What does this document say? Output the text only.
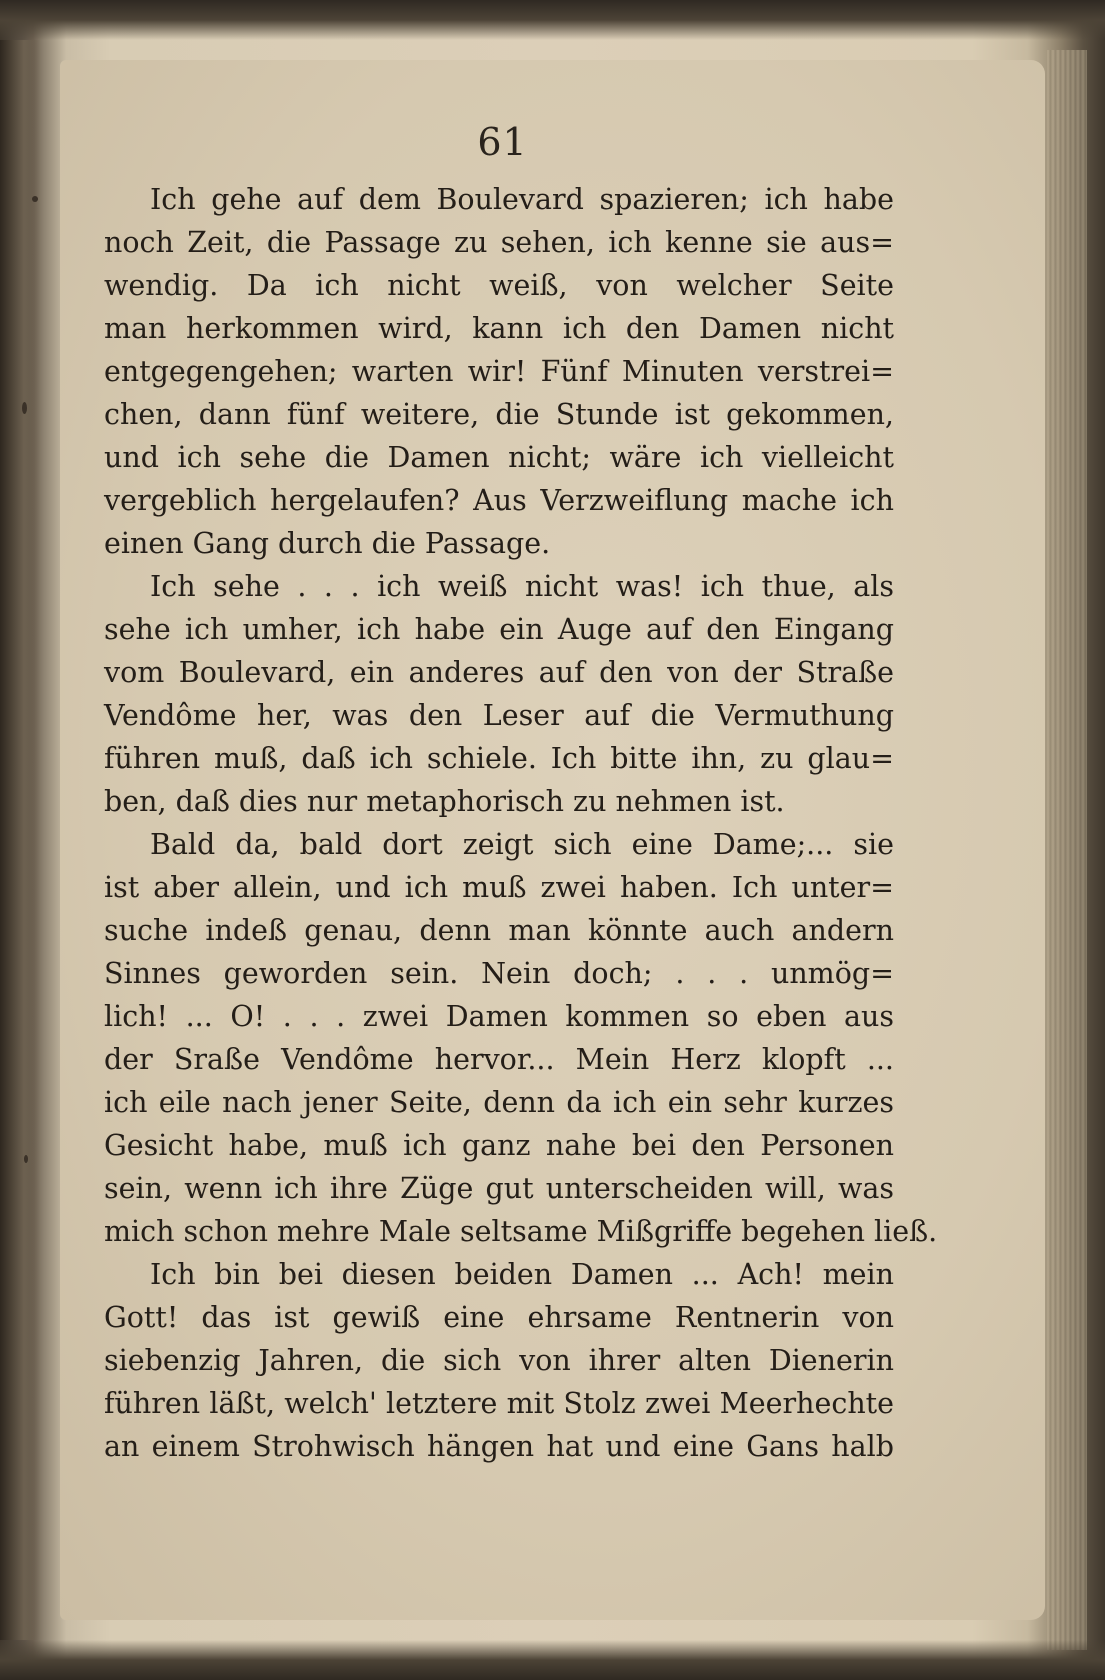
61
Ich gehe auf dem Boulevard spazieren; ich habe
noch Zeit, die Passage zu sehen, ich kenne sie aus=
wendig. Da ich nicht weiß, von welcher Seite
man herkommen wird, kann ich den Damen nicht
entgegengehen; warten wir! Fünf Minuten verstrei=
chen, dann fünf weitere, die Stunde ist gekommen,
und ich sehe die Damen nicht; wäre ich vielleicht
vergeblich hergelaufen? Aus Verzweiflung mache ich
einen Gang durch die Passage.
Ich sehe . . . ich weiß nicht was! ich thue, als
sehe ich umher, ich habe ein Auge auf den Eingang
vom Boulevard, ein anderes auf den von der Straße
Vendôme her, was den Leser auf die Vermuthung
führen muß, daß ich schiele. Ich bitte ihn, zu glau=
ben, daß dies nur metaphorisch zu nehmen ist.
Bald da, bald dort zeigt sich eine Dame;... sie
ist aber allein, und ich muß zwei haben. Ich unter=
suche indeß genau, denn man könnte auch andern
Sinnes geworden sein. Nein doch; . . . unmög=
lich! ... O! . . . zwei Damen kommen so eben aus
der Sraße Vendôme hervor... Mein Herz klopft ...
ich eile nach jener Seite, denn da ich ein sehr kurzes
Gesicht habe, muß ich ganz nahe bei den Personen
sein, wenn ich ihre Züge gut unterscheiden will, was
mich schon mehre Male seltsame Mißgriffe begehen ließ.
Ich bin bei diesen beiden Damen ... Ach! mein
Gott! das ist gewiß eine ehrsame Rentnerin von
siebenzig Jahren, die sich von ihrer alten Dienerin
führen läßt, welch' letztere mit Stolz zwei Meerhechte
an einem Strohwisch hängen hat und eine Gans halb
